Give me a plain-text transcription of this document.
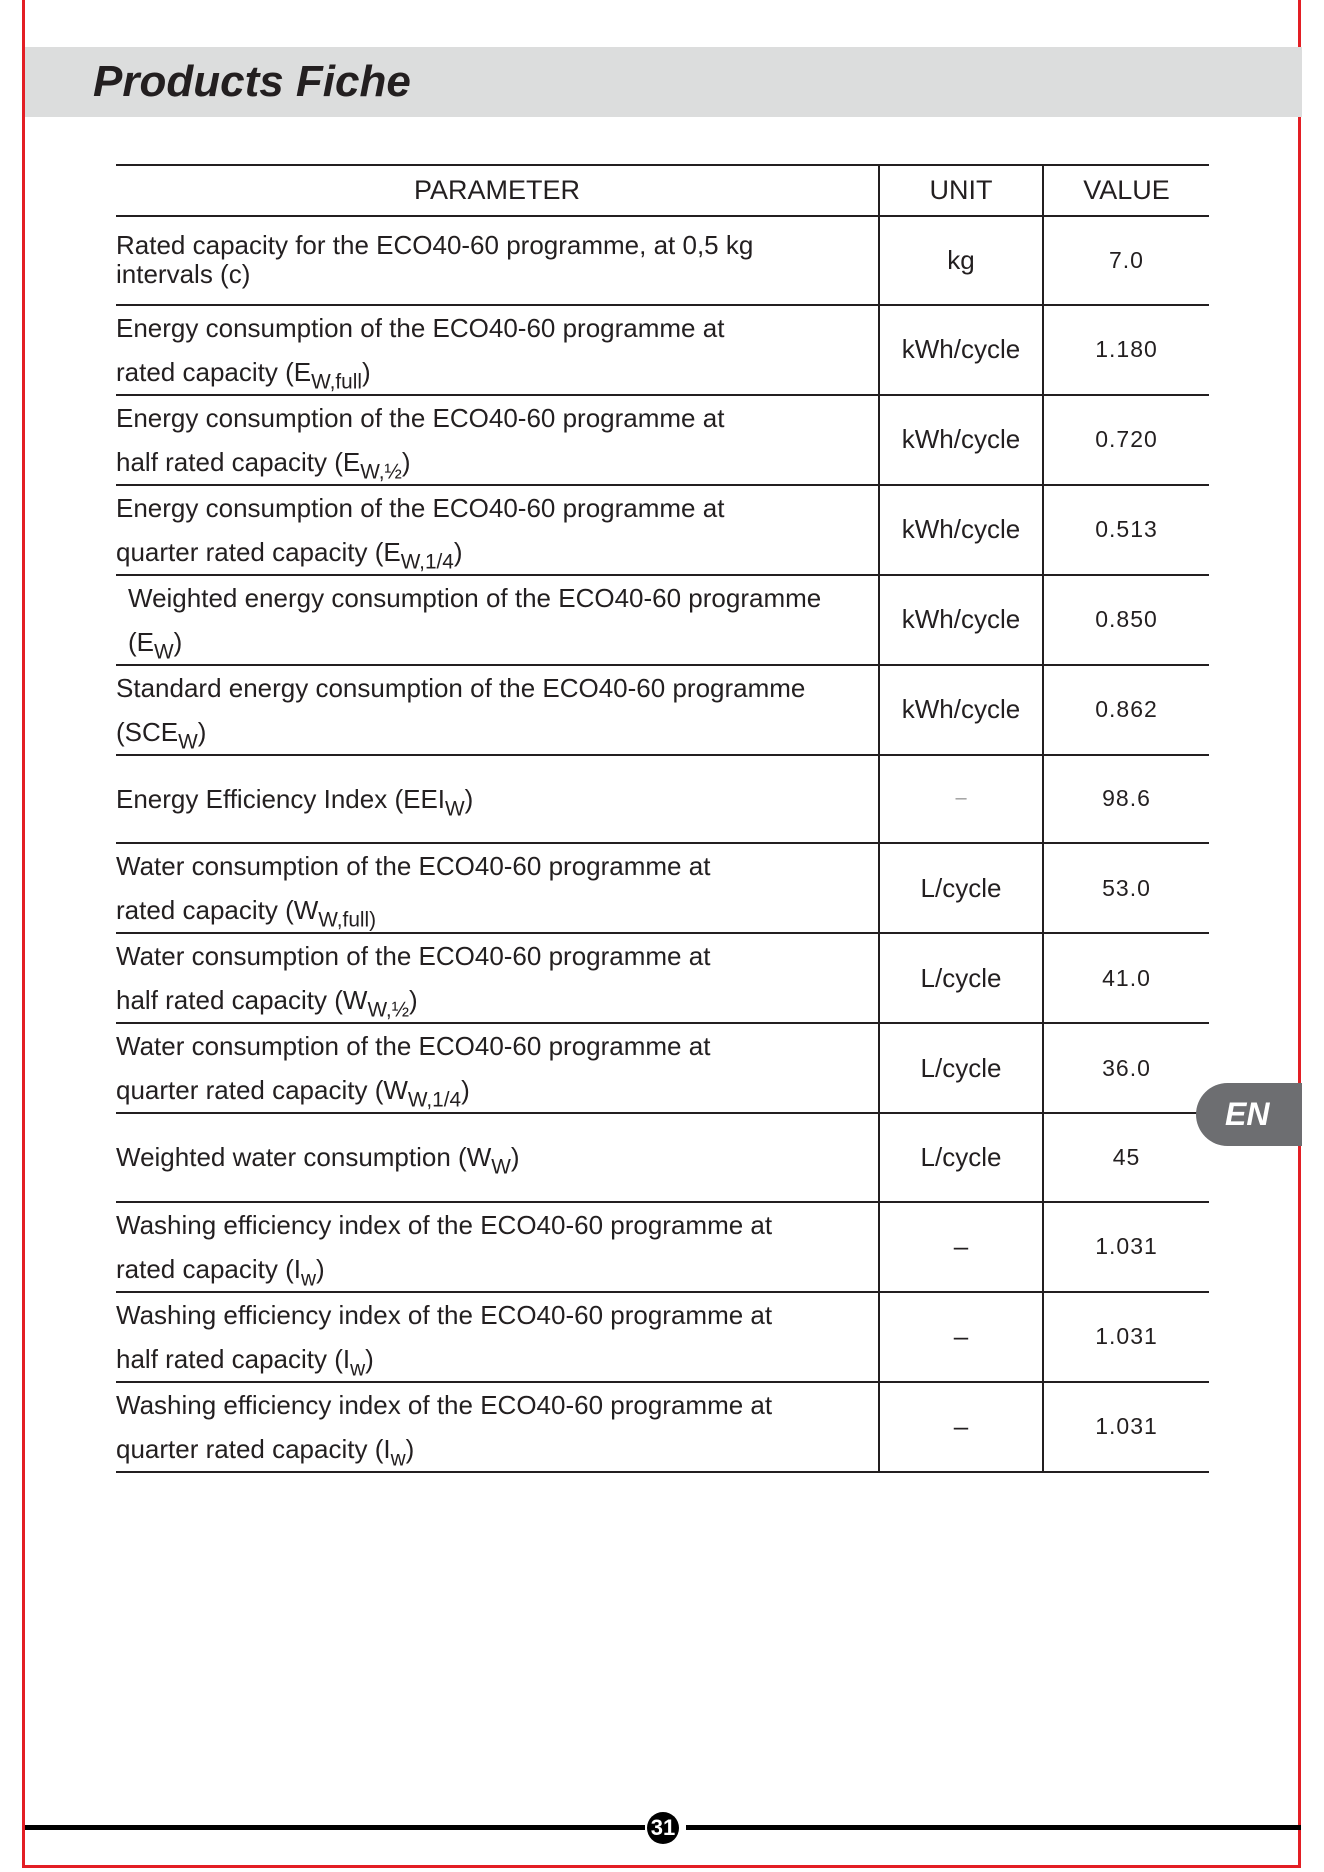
Products Fiche
PARAMETER	UNIT	VALUE

Rated capacity for the ECO40-60 programme, at 0,5 kg
intervals (c)	kg	7.0

Energy consumption of the ECO40-60 programme at
rated capacity $(E_{W,full})$	kWh/cycle	1.180

Energy consumption of the ECO40-60 programme at
half rated capacity $(E_{W,\frac{1}{2}})$	kWh/cycle	0.720

Energy consumption of the ECO40-60 programme at
quarter rated capacity $(E_{W,1/4})$	kWh/cycle	0.513

Weighted energy consumption of the ECO40-60 programme
$(E_W)$	kWh/cycle	0.850

Standard energy consumption of the ECO40-60 programme
$(SCE_W)$	kWh/cycle	0.862

Energy Efficiency Index $(EEI_W)$	–	98.6

Water consumption of the ECO40-60 programme at
rated capacity ($W_{W,full)}$	L/cycle	53.0

Water consumption of the ECO40-60 programme at
half rated capacity $(W_{W,\frac{1}{2}})$	L/cycle	41.0

Water consumption of the ECO40-60 programme at
quarter rated capacity $(W_{W,1/4})$	L/cycle	36.0

Weighted water consumption $(W_W)$	L/cycle	45

Washing efficiency index of the ECO40-60 programme at
rated capacity $(I_w)$	–	1.031

Washing efficiency index of the ECO40-60 programme at
half rated capacity $(I_w)$	–	1.031

Washing efficiency index of the ECO40-60 programme at
quarter rated capacity $(I_w)$	–	1.031
EN
31
